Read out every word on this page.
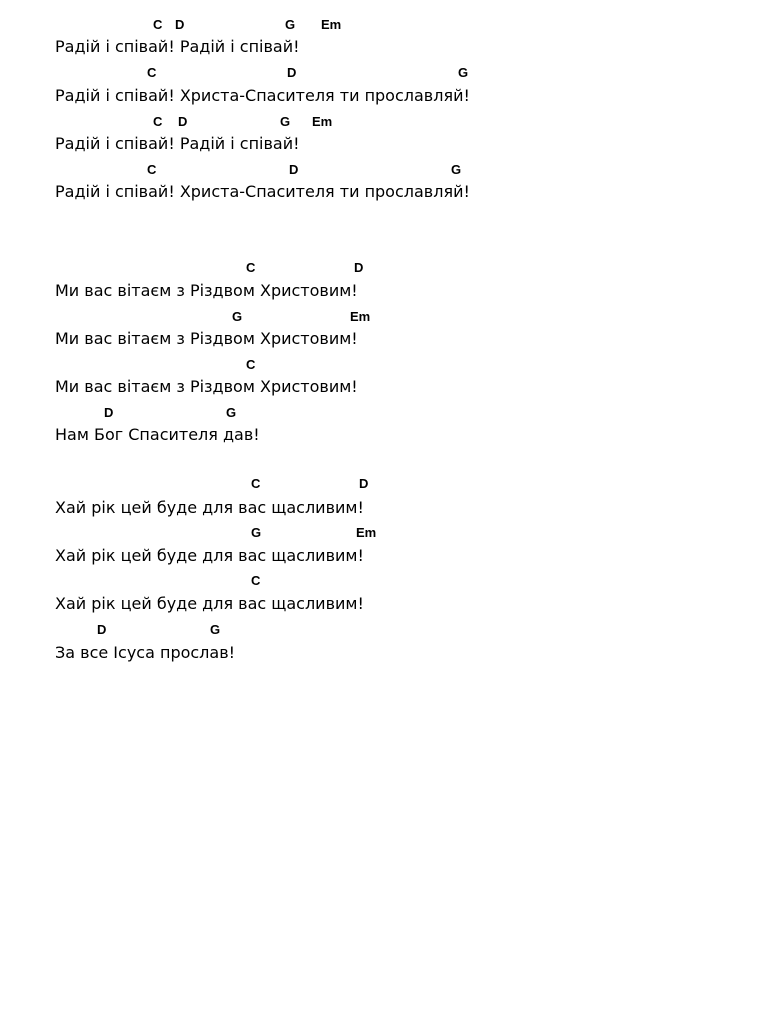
C D	G Em
Радій і співай! Радій і співай!
C	D	G
Радій і співай! Христа-Спасителя ти прославляй!
C D	G Em
Радій і співай! Радій і співай!
C	D	G
Радій і співай! Христа-Спасителя ти прославляй!
C	D
Ми вас вітаєм з Різдвом Христовим!
G	Em
Ми вас вітаєм з Різдвом Христовим!
C
Ми вас вітаєм з Різдвом Христовим!
D	G
Нам Бог Спасителя дав!
C	D
Хай рік цей буде для вас щасливим!
G	Em
Хай рік цей буде для вас щасливим!
C
Хай рік цей буде для вас щасливим!
D	G
За все Ісуса прослав!
